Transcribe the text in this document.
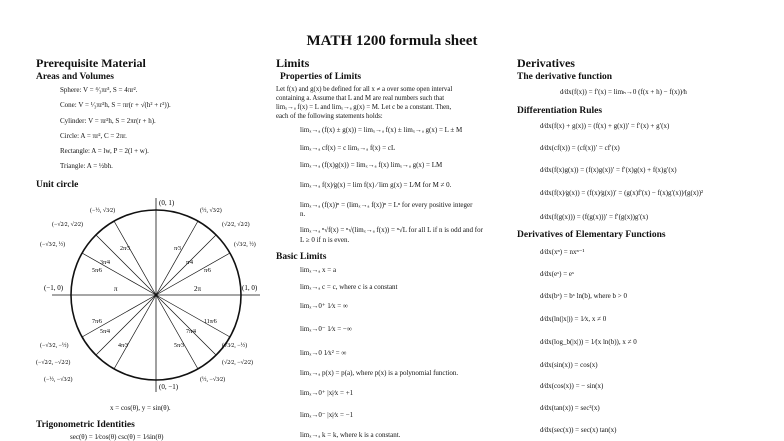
MATH 1200 formula sheet
Prerequisite Material
Areas and Volumes
Sphere: V = ⁴⁄₃πr³, S = 4πr².
Cone: V = ¹⁄₃πr²h, S = πr(r + √(h² + r²)).
Cylinder: V = πr²h, S = 2πr(r + h).
Circle: A = πr², C = 2πr.
Rectangle: A = lw, P = 2(l + w).
Triangle: A = ½bh.
Unit circle
(0, 1)
(0, −1)
(−1, 0)	(1, 0)
(½, √3⁄2)
(√2⁄2, √2⁄2)
(√3⁄2, ½)
(−½, √3⁄2)
(−√2⁄2, √2⁄2)
(−√3⁄2, ½)
(−√3⁄2, −½)
(−√2⁄2, −√2⁄2)
(−½, −√3⁄2)
(√3⁄2, −½)
(√2⁄2, −√2⁄2)
(½, −√3⁄2)
π	2π
π⁄3
π⁄4
π⁄6
2π⁄3
3π⁄4
5π⁄6
7π⁄6
5π⁄4
4π⁄3
11π⁄6
7π⁄4
5π⁄3
x = cos(θ), y = sin(θ).
Trigonometric Identities
sec(θ) = 1⁄cos(θ) csc(θ) = 1⁄sin(θ)
Limits
Properties of Limits
Let f(x) and g(x) be defined for all x ≠ a over some open interval
containing a. Assume that L and M are real numbers such that
limₓ→ₐ f(x) = L and limₓ→ₐ g(x) = M. Let c be a constant. Then,
each of the following statements holds:
limₓ→ₐ (f(x) ± g(x)) = limₓ→ₐ f(x) ± limₓ→ₐ g(x) = L ± M
limₓ→ₐ cf(x) = c limₓ→ₐ f(x) = cL
limₓ→ₐ (f(x)g(x)) = limₓ→ₐ f(x) limₓ→ₐ g(x) = LM
limₓ→ₐ f(x)⁄g(x) = lim f(x) ⁄ lim g(x) = L⁄M for M ≠ 0.
limₓ→ₐ (f(x))ⁿ = (limₓ→ₐ f(x))ⁿ = Lⁿ for every positive integer
n.
limₓ→ₐ ⁿ√f(x) = ⁿ√(limₓ→ₐ f(x)) = ⁿ√L for all L if n is odd and for
L ≥ 0 if n is even.
Basic Limits
limₓ→ₐ x = a
limₓ→ₐ c = c, where c is a constant
limₓ→0⁺ 1⁄x = ∞
limₓ→0⁻ 1⁄x = −∞
limₓ→0 1⁄x² = ∞
limₓ→ₐ p(x) = p(a), where p(x) is a polynomial function.
limₓ→0⁺ |x|⁄x = +1
limₓ→0⁻ |x|⁄x = −1
limₓ→ₐ k = k, where k is a constant.
Derivatives
The derivative function
d⁄dx(f(x)) = f′(x) = limₕ→0 (f(x + h) − f(x))⁄h
Differentiation Rules
d⁄dx(f(x) + g(x)) = (f(x) + g(x))′ = f′(x) + g′(x)
d⁄dx(cf(x)) = (cf(x))′ = cf′(x)
d⁄dx(f(x)g(x)) = (f(x)g(x))′ = f′(x)g(x) + f(x)g′(x)
d⁄dx(f(x)⁄g(x)) = (f(x)⁄g(x))′ = (g(x)f′(x) − f(x)g′(x))⁄(g(x))²
d⁄dx(f(g(x))) = (f(g(x)))′ = f′(g(x))g′(x)
Derivatives of Elementary Functions
d⁄dx(xⁿ) = nxⁿ⁻¹
d⁄dx(eˣ) = eˣ
d⁄dx(bˣ) = bˣ ln(b), where b > 0
d⁄dx(ln(|x|)) = 1⁄x, x ≠ 0
d⁄dx(log_b(|x|)) = 1⁄(x ln(b)), x ≠ 0
d⁄dx(sin(x)) = cos(x)
d⁄dx(cos(x)) = − sin(x)
d⁄dx(tan(x)) = sec²(x)
d⁄dx(sec(x)) = sec(x) tan(x)
